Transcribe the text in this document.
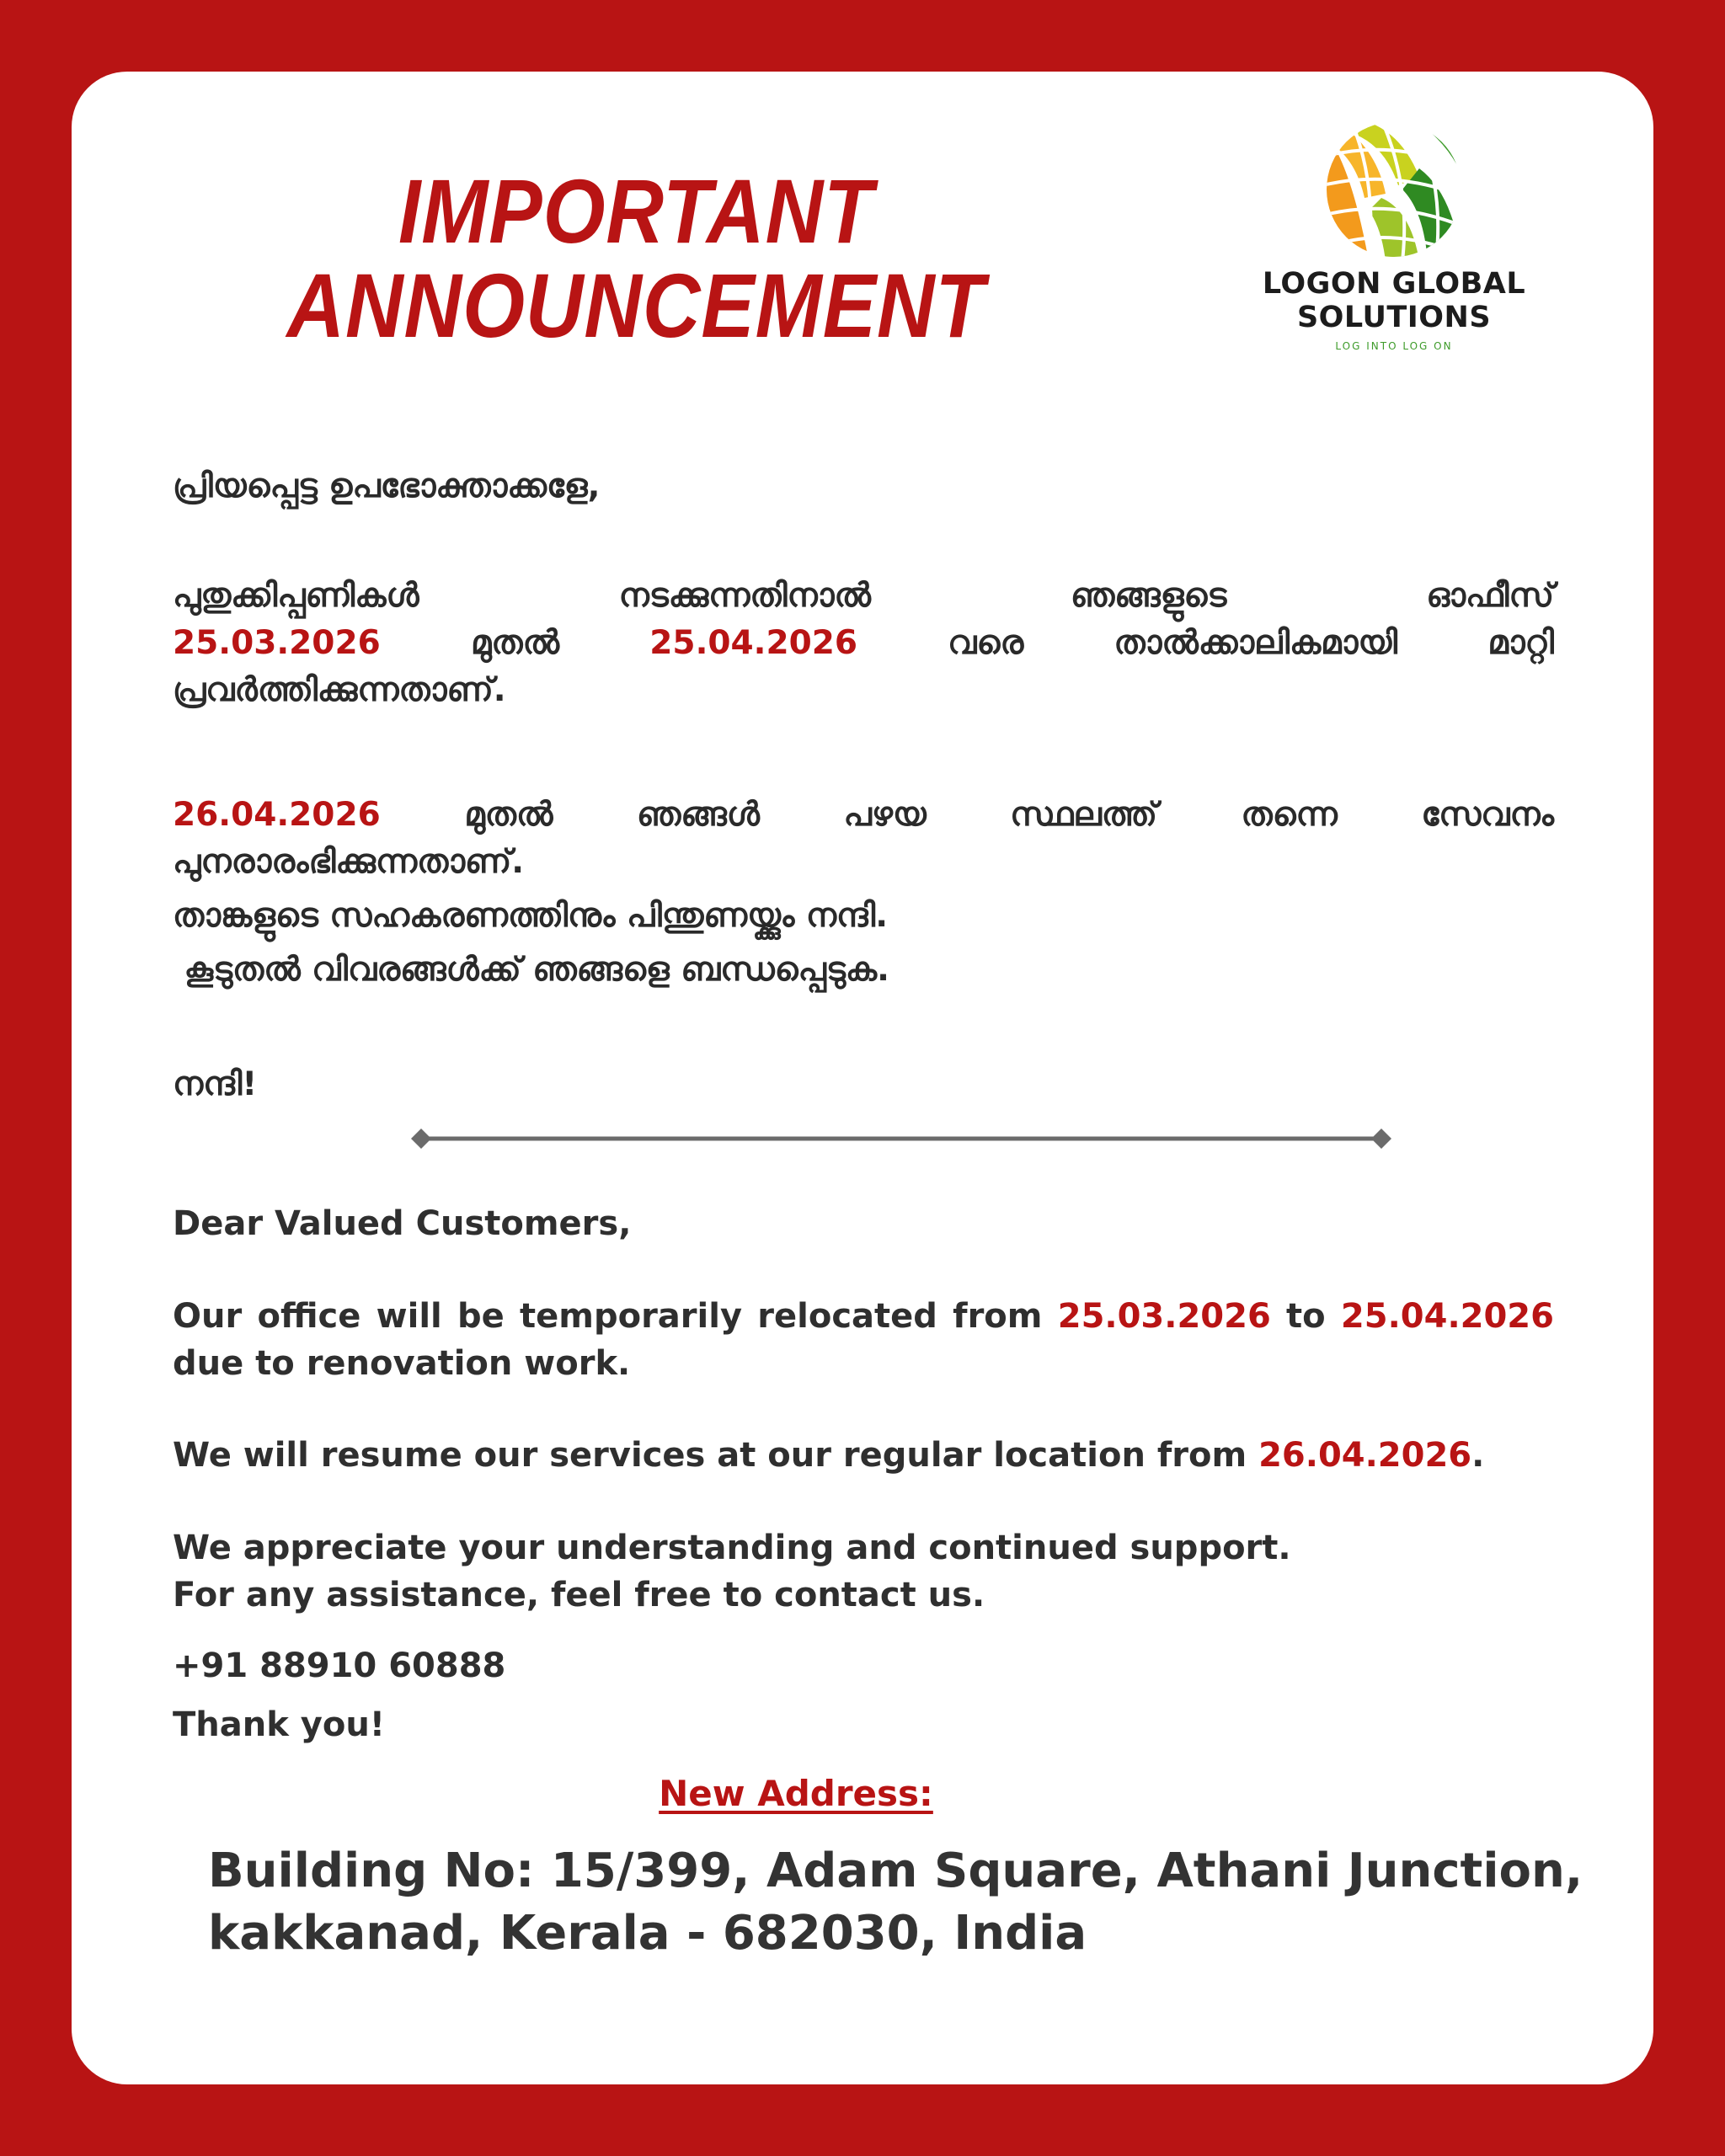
IMPORTANT
ANNOUNCEMENT	LOGON GLOBAL
SOLUTIONS
LOG INTO LOG ON
പ്രിയപ്പെട്ട ഉപഭോക്താക്കളേ,
പുതുക്കിപ്പണികൾ നടക്കുന്നതിനാൽ ഞങ്ങളുടെ ഓഫീസ്
25.03.2026	മുതൽ	25.04.2026	വരെ താൽക്കാലികമായി മാറ്റി
പ്രവർത്തിക്കുന്നതാണ്.
26.04.2026	മുതൽ ഞങ്ങൾ പഴയ സ്ഥലത്ത് തന്നെ സേവനം
പുനരാരംഭിക്കുന്നതാണ്.
താങ്കളുടെ സഹകരണത്തിനും പിന്തുണയ്ക്കും നന്ദി.
കൂടുതൽ വിവരങ്ങൾക്ക് ഞങ്ങളെ ബന്ധപ്പെടുക.
നന്ദി!
Dear Valued Customers,
Our office will be temporarily relocated from 25.03.2026 to 25.04.2026
due to renovation work.
We will resume our services at our regular location from 26.04.2026.
We appreciate your understanding and continued support.
For any assistance, feel free to contact us.
+91 88910 60888
Thank you!
New Address:
Building No: 15/399, Adam Square, Athani Junction,
kakkanad, Kerala - 682030, India
